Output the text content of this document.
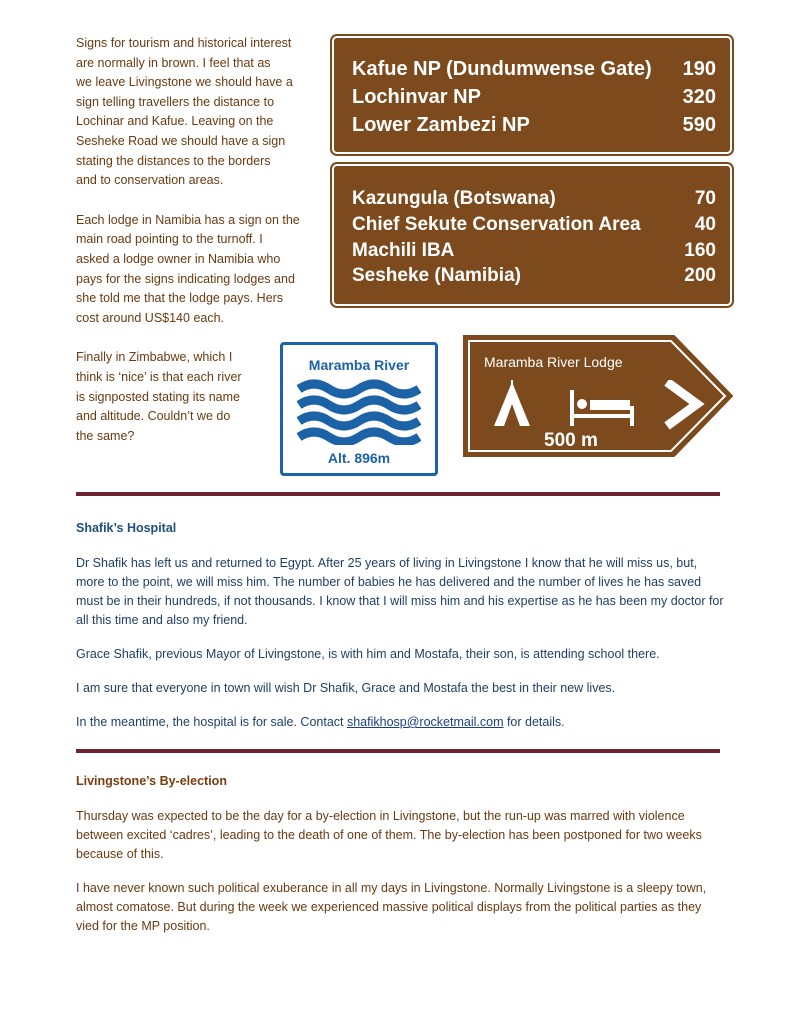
Signs for tourism and historical interest
are normally in brown. I feel that as
we leave Livingstone we should have a
sign telling travellers the distance to
Lochinar and Kafue. Leaving on the
Sesheke Road we should have a sign
stating the distances to the borders
and to conservation areas.

Each lodge in Namibia has a sign on the
main road pointing to the turnoff. I
asked a lodge owner in Namibia who
pays for the signs indicating lodges and
she told me that the lodge pays. Hers
cost around US$140 each.

Finally in Zimbabwe, which I
think is ‘nice’ is that each river
is signposted stating its name
and altitude. Couldn’t we do
the same?

Kafue NP (Dundumwense Gate) 190
Lochinvar NP	320
Lower Zambezi NP	590
Kazungula (Botswana)	70
Chief Sekute Conservation Area	40
Machili IBA	160
Sesheke (Namibia)	200
Maramba River
Alt. 896m
Maramba River Lodge
500 m
Shafik’s Hospital

Dr Shafik has left us and returned to Egypt. After 25 years of living in Livingstone I know that he will miss us, but, more to the point, we will miss him. The number of babies he has delivered and the number of lives he has saved must be in their hundreds, if not thousands. I know that I will miss him and his expertise as he has been my doctor for all this time and also my friend.

Grace Shafik, previous Mayor of Livingstone, is with him and Mostafa, their son, is attending school there.

I am sure that everyone in town will wish Dr Shafik, Grace and Mostafa the best in their new lives.

In the meantime, the hospital is for sale. Contact shafikhosp@rocketmail.com for details.

Livingstone’s By-election

Thursday was expected to be the day for a by-election in Livingstone, but the run-up was marred with violence between excited ‘cadres’, leading to the death of one of them. The by-election has been postponed for two weeks because of this.

I have never known such political exuberance in all my days in Livingstone. Normally Livingstone is a sleepy town, almost comatose. But during the week we experienced massive political displays from the political parties as they vied for the MP position.
